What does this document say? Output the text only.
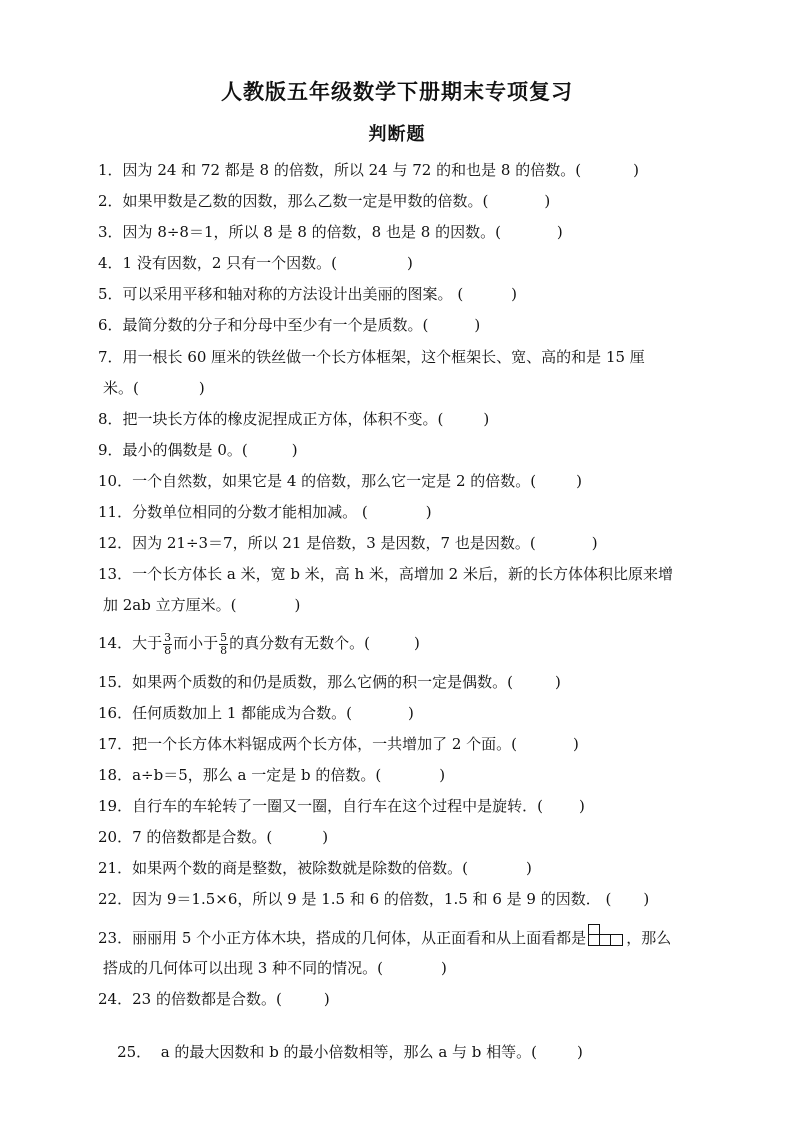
人教版五年级数学下册期末专项复习
判断题
1．因为 24 和 72 都是 8 的倍数，所以 24 与 72 的和也是 8 的倍数。(	)
2．如果甲数是乙数的因数，那么乙数一定是甲数的倍数。(	)
3．因为 8÷8＝1，所以 8 是 8 的倍数，8 也是 8 的因数。(	)
4．1 没有因数，2 只有一个因数。(	)
5．可以采用平移和轴对称的方法设计出美丽的图案。 (	)
6．最简分数的分子和分母中至少有一个是质数。(	)
7．用一根长 60 厘米的铁丝做一个长方体框架，这个框架长、宽、高的和是 15 厘
米。(	)
8．把一块长方体的橡皮泥捏成正方体，体积不变。(	)
9．最小的偶数是 0。(	)
10．一个自然数，如果它是 4 的倍数，那么它一定是 2 的倍数。(	)
11．分数单位相同的分数才能相加减。 (	)
12．因为 21÷3＝7，所以 21 是倍数，3 是因数，7 也是因数。(	)
13．一个长方体长 a 米，宽 b 米，高 h 米，高增加 2 米后，新的长方体体积比原来增
加 2ab 立方厘米。(	)
14．大于 $\frac{3}{8}$ 而小于 $\frac{5}{8}$ 的真分数有无数个。(	)
15．如果两个质数的和仍是质数，那么它俩的积一定是偶数。(	)
16．任何质数加上 1 都能成为合数。(	)
17．把一个长方体木料锯成两个长方体，一共增加了 2 个面。(	)
18．a÷b＝5，那么 a 一定是 b 的倍数。(	)
19．自行车的车轮转了一圈又一圈，自行车在这个过程中是旋转．( )
20．7 的倍数都是合数。(	)
21．如果两个数的商是整数，被除数就是除数的倍数。(	)
22．因为 9＝1.5×6，所以 9 是 1.5 和 6 的倍数，1.5 和 6 是 9 的因数． ( )
23．丽丽用 5 个小正方体木块，搭成的几何体，从正面看和从上面看都是	，那么
搭成的几何体可以出现 3 种不同的情况。(	)
24．23 的倍数都是合数。(	)

25．  a 的最大因数和 b 的最小倍数相等，那么 a 与 b 相等。(	)
